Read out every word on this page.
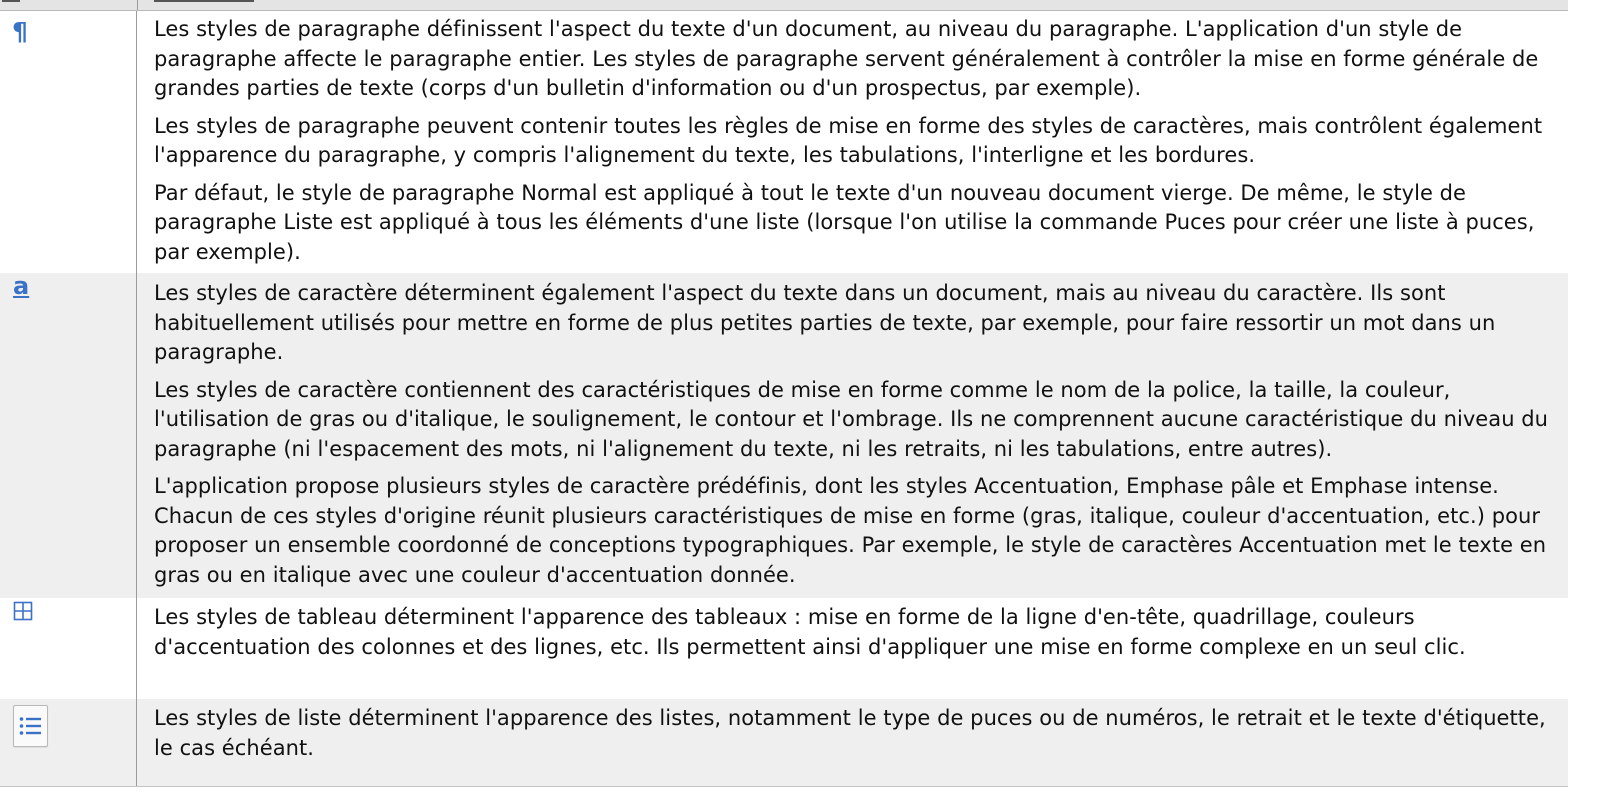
¶	Les styles de paragraphe définissent l'aspect du texte d'un document, au niveau du paragraphe. L'application d'un style de paragraphe affecte le paragraphe entier. Les styles de paragraphe servent généralement à contrôler la mise en forme générale de grandes parties de texte (corps d'un bulletin d'information ou d'un prospectus, par exemple).

Les styles de paragraphe peuvent contenir toutes les règles de mise en forme des styles de caractères, mais contrôlent également l'apparence du paragraphe, y compris l'alignement du texte, les tabulations, l'interligne et les bordures.

Par défaut, le style de paragraphe Normal est appliqué à tout le texte d'un nouveau document vierge. De même, le style de paragraphe Liste est appliqué à tous les éléments d'une liste (lorsque l'on utilise la commande Puces pour créer une liste à puces, par exemple).

a	Les styles de caractère déterminent également l'aspect du texte dans un document, mais au niveau du caractère. Ils sont habituellement utilisés pour mettre en forme de plus petites parties de texte, par exemple, pour faire ressortir un mot dans un paragraphe.

Les styles de caractère contiennent des caractéristiques de mise en forme comme le nom de la police, la taille, la couleur, l'utilisation de gras ou d'italique, le soulignement, le contour et l'ombrage. Ils ne comprennent aucune caractéristique du niveau du paragraphe (ni l'espacement des mots, ni l'alignement du texte, ni les retraits, ni les tabulations, entre autres).

L'application propose plusieurs styles de caractère prédéfinis, dont les styles Accentuation, Emphase pâle et Emphase intense. Chacun de ces styles d'origine réunit plusieurs caractéristiques de mise en forme (gras, italique, couleur d'accentuation, etc.) pour proposer un ensemble coordonné de conceptions typographiques. Par exemple, le style de caractères Accentuation met le texte en gras ou en italique avec une couleur d'accentuation donnée.

Les styles de tableau déterminent l'apparence des tableaux : mise en forme de la ligne d'en-tête, quadrillage, couleurs d'accentuation des colonnes et des lignes, etc. Ils permettent ainsi d'appliquer une mise en forme complexe en un seul clic.

Les styles de liste déterminent l'apparence des listes, notamment le type de puces ou de numéros, le retrait et le texte d'étiquette, le cas échéant.
